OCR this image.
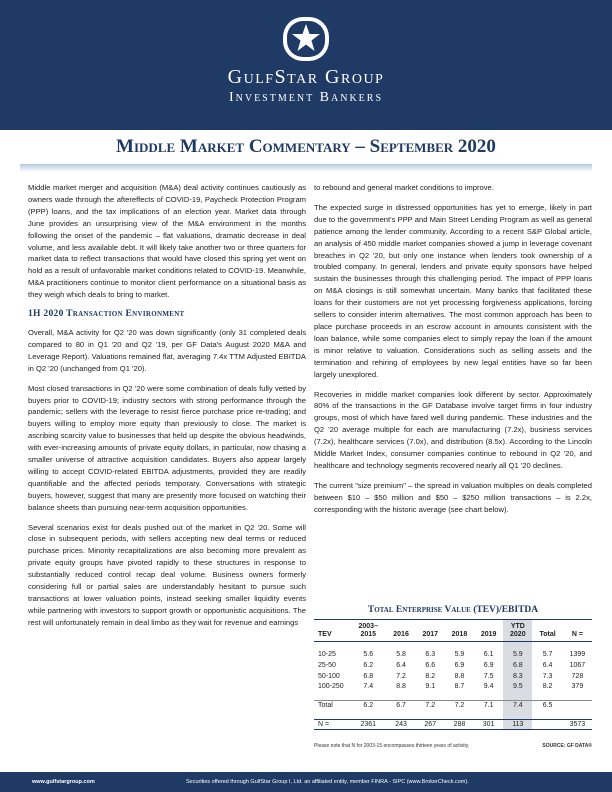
GulfStar Group
Investment Bankers
Middle Market Commentary – September 2020

Middle market merger and acquisition (M&A) deal activity continues cautiously as owners wade through the aftereffects of COVID-19, Paycheck Protection Program (PPP) loans, and the tax implications of an election year. Market data through June provides an unsurprising view of the M&A environment in the months following the onset of the pandemic – flat valuations, dramatic decrease in deal volume, and less available debt. It will likely take another two or three quarters for market data to reflect transactions that would have closed this spring yet went on hold as a result of unfavorable market conditions related to COVID-19. Meanwhile, M&A practitioners continue to monitor client performance on a situational basis as they weigh which deals to bring to market.

1H 2020 Transaction Environment

Overall, M&A activity for Q2 '20 was down significantly (only 31 completed deals compared to 80 in Q1 '20 and Q2 '19, per GF Data's August 2020 M&A and Leverage Report). Valuations remained flat, averaging 7.4x TTM Adjusted EBITDA in Q2 '20 (unchanged from Q1 '20).

Most closed transactions in Q2 '20 were some combination of deals fully vetted by buyers prior to COVID-19; industry sectors with strong performance through the pandemic; sellers with the leverage to resist fierce purchase price re-trading; and buyers willing to employ more equity than previously to close. The market is ascribing scarcity value to businesses that held up despite the obvious headwinds, with ever-increasing amounts of private equity dollars, in particular, now chasing a smaller universe of attractive acquisition candidates. Buyers also appear largely willing to accept COVID-related EBITDA adjustments, provided they are readily quantifiable and the affected periods temporary. Conversations with strategic buyers, however, suggest that many are presently more focused on watching their balance sheets than pursuing near-term acquisition opportunities.

Several scenarios exist for deals pushed out of the market in Q2 '20. Some will close in subsequent periods, with sellers accepting new deal terms or reduced purchase prices. Minority recapitalizations are also becoming more prevalent as private equity groups have pivoted rapidly to these structures in response to substantially reduced control recap deal volume. Business owners formerly considering full or partial sales are understandably hesitant to pursue such transactions at lower valuation points, instead seeking smaller liquidity events while partnering with investors to support growth or opportunistic acquisitions. The rest will unfortunately remain in deal limbo as they wait for revenue and earnings

to rebound and general market conditions to improve.

The expected surge in distressed opportunities has yet to emerge, likely in part due to the government's PPP and Main Street Lending Program as well as general patience among the lender community. According to a recent S&P Global article, an analysis of 450 middle market companies showed a jump in leverage covenant breaches in Q2 '20, but only one instance when lenders took ownership of a troubled company. In general, lenders and private equity sponsors have helped sustain the businesses through this challenging period. The impact of PPP loans on M&A closings is still somewhat uncertain. Many banks that facilitated these loans for their customers are not yet processing forgiveness applications, forcing sellers to consider interim alternatives. The most common approach has been to place purchase proceeds in an escrow account in amounts consistent with the loan balance, while some companies elect to simply repay the loan if the amount is minor relative to valuation. Considerations such as selling assets and the termination and rehiring of employees by new legal entities have so far been largely unexplored.

Recoveries in middle market companies look different by sector. Approximately 80% of the transactions in the GF Database involve target firms in four industry groups, most of which have fared well during pandemic. These industries and the Q2 '20 average multiple for each are manufacturing (7.2x), business services (7.2x), healthcare services (7.0x), and distribution (8.5x). According to the Lincoln Middle Market Index, consumer companies continue to rebound in Q2 '20, and healthcare and technology segments recovered nearly all Q1 '20 declines.

The current "size premium" – the spread in valuation multiples on deals completed between $10 – $50 million and $50 – $250 million transactions – is 2.2x, corresponding with the historic average (see chart below).

Total Enterprise Value (TEV)/EBITDA
	2003–					YTD		
TEV	2015	2016	2017	2018	2019	2020	Total	N =

10-25	5.6	5.8	6.3	5.9	6.1	5.9	5.7	1399
25-50	6.2	6.4	6.6	6.9	6.9	6.8	6.4	1067
50-100	6.8	7.2	8.2	8.8	7.5	8.3	7.3	728
100-250	7.4	8.8	9.1	8.7	9.4	9.5	8.2	379

Total	6.2	6.7	7.2	7.2	7.1	7.4	6.5	

N =	2361	243	267	288	301	113		3573
Please note that N for 2003-15 encompasses thirteen years of activity.	SOURCE: GF DATA®
www.gulfstargroup.com	Securities offered through GulfStar Group I, Ltd. an affiliated entity, member FINRA - SIPC (www.BrokerCheck.com).
